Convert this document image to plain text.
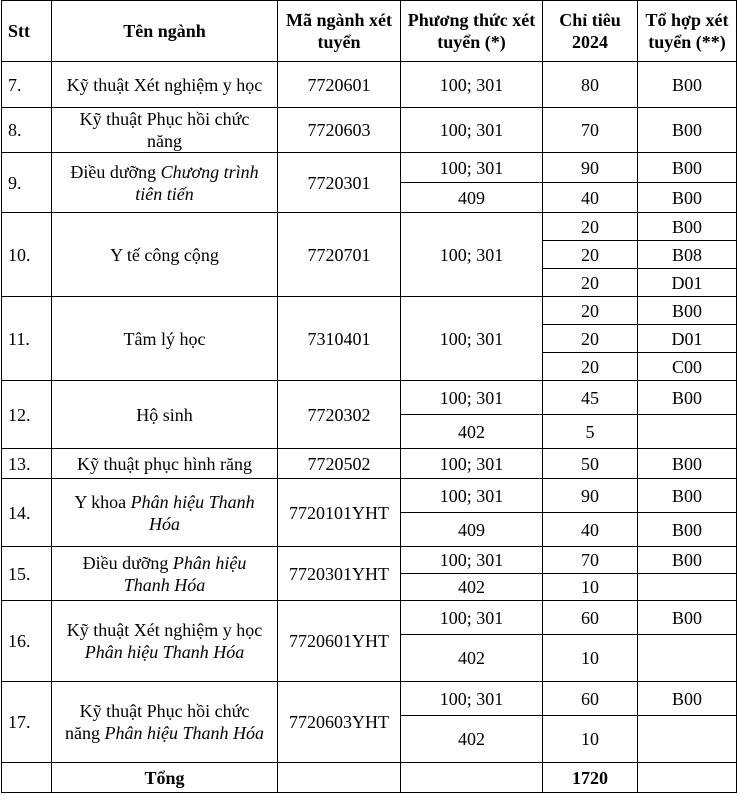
Stt	Tên ngành	Mã ngành xét tuyển	Phương thức xét tuyển (*)	Chỉ tiêu 2024	Tổ hợp xét tuyển (**)
7.	Kỹ thuật Xét nghiệm y học	7720601	100; 301	80	B00
8.	Kỹ thuật Phục hồi chức năng	7720603	100; 301	70	B00
9.	Điều dưỡng Chương trình tiên tiến	7720301	100; 301	90	B00
			409	40	B00
10.	Y tế công cộng	7720701	100; 301	20	B00
				20	B08
				20	D01
11.	Tâm lý học	7310401	100; 301	20	B00
				20	D01
				20	C00
12.	Hộ sinh	7720302	100; 301	45	B00
			402	5	
13.	Kỹ thuật phục hình răng	7720502	100; 301	50	B00
14.	Y khoa Phân hiệu Thanh Hóa	7720101YHT	100; 301	90	B00
			409	40	B00
15.	Điều dưỡng Phân hiệu Thanh Hóa	7720301YHT	100; 301	70	B00
			402	10	
16.	Kỹ thuật Xét nghiệm y học Phân hiệu Thanh Hóa	7720601YHT	100; 301	60	B00
			402	10	
17.	Kỹ thuật Phục hồi chức năng Phân hiệu Thanh Hóa	7720603YHT	100; 301	60	B00
			402	10	
	Tổng			1720	
